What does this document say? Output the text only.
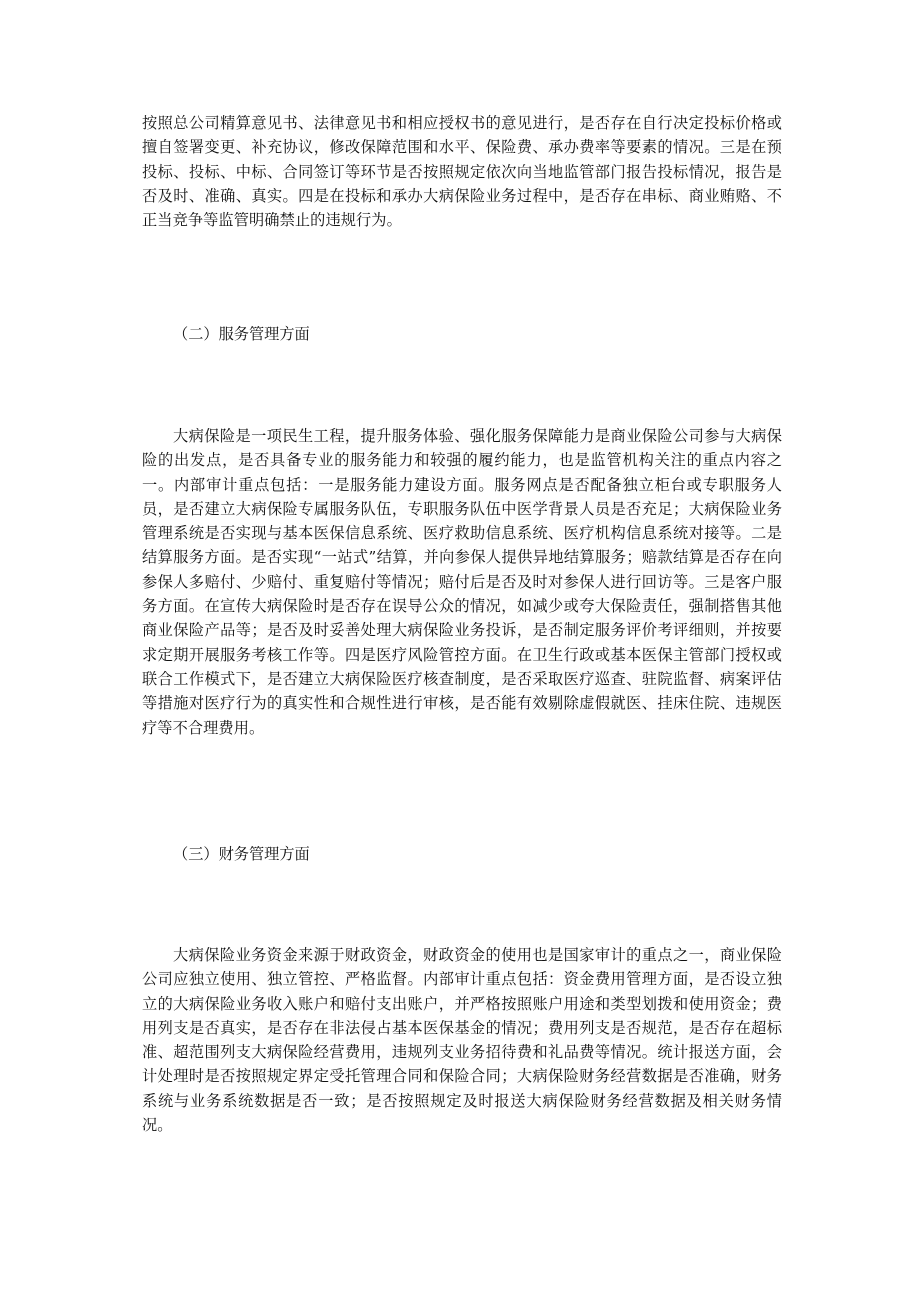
按照总公司精算意见书、法律意见书和相应授权书的意见进行，是否存在自行决定投标价格或擅自签署变更、补充协议，修改保障范围和水平、保险费、承办费率等要素的情况。三是在预投标、投标、中标、合同签订等环节是否按照规定依次向当地监管部门报告投标情况，报告是否及时、准确、真实。四是在投标和承办大病保险业务过程中，是否存在串标、商业贿赂、不正当竞争等监管明确禁止的违规行为。

（二）服务管理方面

大病保险是一项民生工程，提升服务体验、强化服务保障能力是商业保险公司参与大病保险的出发点，是否具备专业的服务能力和较强的履约能力，也是监管机构关注的重点内容之一。内部审计重点包括：一是服务能力建设方面。服务网点是否配备独立柜台或专职服务人员，是否建立大病保险专属服务队伍，专职服务队伍中医学背景人员是否充足；大病保险业务管理系统是否实现与基本医保信息系统、医疗救助信息系统、医疗机构信息系统对接等。二是结算服务方面。是否实现“一站式”结算，并向参保人提供异地结算服务；赔款结算是否存在向参保人多赔付、少赔付、重复赔付等情况；赔付后是否及时对参保人进行回访等。三是客户服务方面。在宣传大病保险时是否存在误导公众的情况，如减少或夸大保险责任，强制搭售其他商业保险产品等；是否及时妥善处理大病保险业务投诉，是否制定服务评价考评细则，并按要求定期开展服务考核工作等。四是医疗风险管控方面。在卫生行政或基本医保主管部门授权或联合工作模式下，是否建立大病保险医疗核查制度，是否采取医疗巡查、驻院监督、病案评估等措施对医疗行为的真实性和合规性进行审核，是否能有效剔除虚假就医、挂床住院、违规医疗等不合理费用。

（三）财务管理方面

大病保险业务资金来源于财政资金，财政资金的使用也是国家审计的重点之一，商业保险公司应独立使用、独立管控、严格监督。内部审计重点包括：资金费用管理方面，是否设立独立的大病保险业务收入账户和赔付支出账户，并严格按照账户用途和类型划拨和使用资金；费用列支是否真实，是否存在非法侵占基本医保基金的情况；费用列支是否规范，是否存在超标准、超范围列支大病保险经营费用，违规列支业务招待费和礼品费等情况。统计报送方面，会计处理时是否按照规定界定受托管理合同和保险合同；大病保险财务经营数据是否准确，财务系统与业务系统数据是否一致；是否按照规定及时报送大病保险财务经营数据及相关财务情况。
